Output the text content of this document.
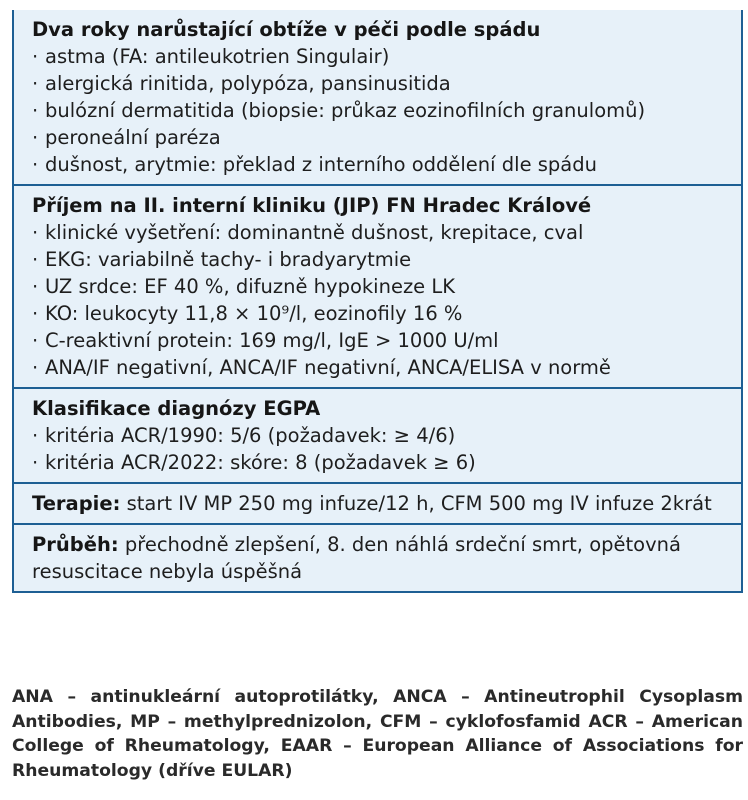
Dva roky narůstající obtíže v péči podle spádu
· astma (FA: antileukotrien Singulair)
· alergická rinitida, polypóza, pansinusitida
· bulózní dermatitida (biopsie: průkaz eozinofilních granulomů)
· peroneální paréza
· dušnost, arytmie: překlad z interního oddělení dle spádu
Příjem na II. interní kliniku (JIP) FN Hradec Králové
· klinické vyšetření: dominantně dušnost, krepitace, cval
· EKG: variabilně tachy- i bradyarytmie
· UZ srdce: EF 40 %, difuzně hypokineze LK
· KO: leukocyty 11,8 × 10⁹/l, eozinofily 16 %
· C-reaktivní protein: 169 mg/l, IgE > 1000 U/ml
· ANA/IF negativní, ANCA/IF negativní, ANCA/ELISA v normě
Klasifikace diagnózy EGPA
· kritéria ACR/1990: 5/6 (požadavek: ≥ 4/6)
· kritéria ACR/2022: skóre: 8 (požadavek ≥ 6)
Terapie: start IV MP 250 mg infuze/12 h, CFM 500 mg IV infuze 2krát
Průběh: přechodně zlepšení, 8. den náhlá srdeční smrt, opětovná resuscitace nebyla úspěšná
ANA – antinukleární autoprotilátky, ANCA – Antineutrophil Cysoplasm Antibodies, MP – methylprednizolon, CFM – cyklofosfamid ACR – American College of Rheumatology, EAAR – European Alliance of Associations for Rheumatology (dříve EULAR)
